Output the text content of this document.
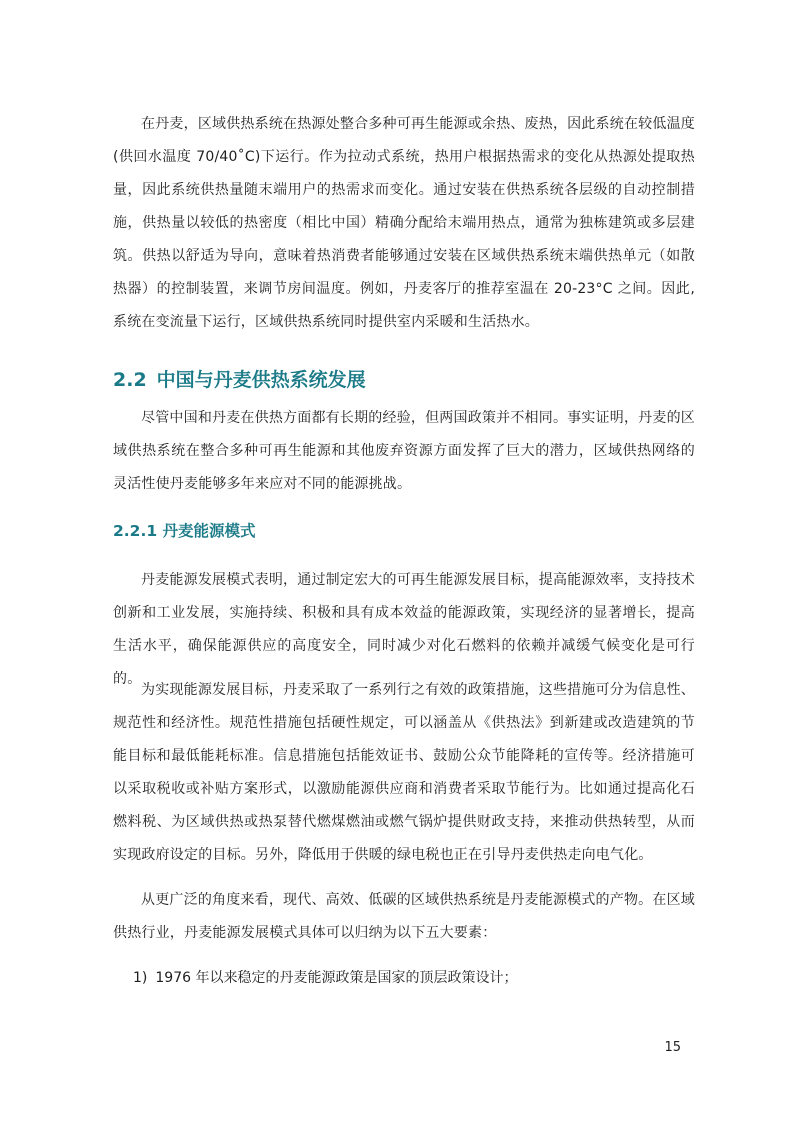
在丹麦，区域供热系统在热源处整合多种可再生能源或余热、废热，因此系统在较低温度(供回水温度 70/40˚C)下运行。作为拉动式系统，热用户根据热需求的变化从热源处提取热量，因此系统供热量随末端用户的热需求而变化。通过安装在供热系统各层级的自动控制措施，供热量以较低的热密度（相比中国）精确分配给末端用热点，通常为独栋建筑或多层建筑。供热以舒适为导向，意味着热消费者能够通过安装在区域供热系统末端供热单元（如散热器）的控制装置，来调节房间温度。例如，丹麦客厅的推荐室温在 20-23°C 之间。因此, 系统在变流量下运行，区域供热系统同时提供室内采暖和生活热水。

2.2 中国与丹麦供热系统发展

尽管中国和丹麦在供热方面都有长期的经验，但两国政策并不相同。事实证明，丹麦的区域供热系统在整合多种可再生能源和其他废弃资源方面发挥了巨大的潜力，区域供热网络的灵活性使丹麦能够多年来应对不同的能源挑战。

2.2.1 丹麦能源模式

丹麦能源发展模式表明，通过制定宏大的可再生能源发展目标，提高能源效率，支持技术创新和工业发展，实施持续、积极和具有成本效益的能源政策，实现经济的显著增长，提高生活水平，确保能源供应的高度安全，同时减少对化石燃料的依赖并减缓气候变化是可行的。

为实现能源发展目标，丹麦采取了一系列行之有效的政策措施，这些措施可分为信息性、规范性和经济性。规范性措施包括硬性规定，可以涵盖从《供热法》到新建或改造建筑的节能目标和最低能耗标准。信息措施包括能效证书、鼓励公众节能降耗的宣传等。经济措施可以采取税收或补贴方案形式，以激励能源供应商和消费者采取节能行为。比如通过提高化石燃料税、为区域供热或热泵替代燃煤燃油或燃气锅炉提供财政支持，来推动供热转型，从而实现政府设定的目标。另外，降低用于供暖的绿电税也正在引导丹麦供热走向电气化。

从更广泛的角度来看，现代、高效、低碳的区域供热系统是丹麦能源模式的产物。在区域供热行业，丹麦能源发展模式具体可以归纳为以下五大要素：

1) 1976 年以来稳定的丹麦能源政策是国家的顶层政策设计；

15
